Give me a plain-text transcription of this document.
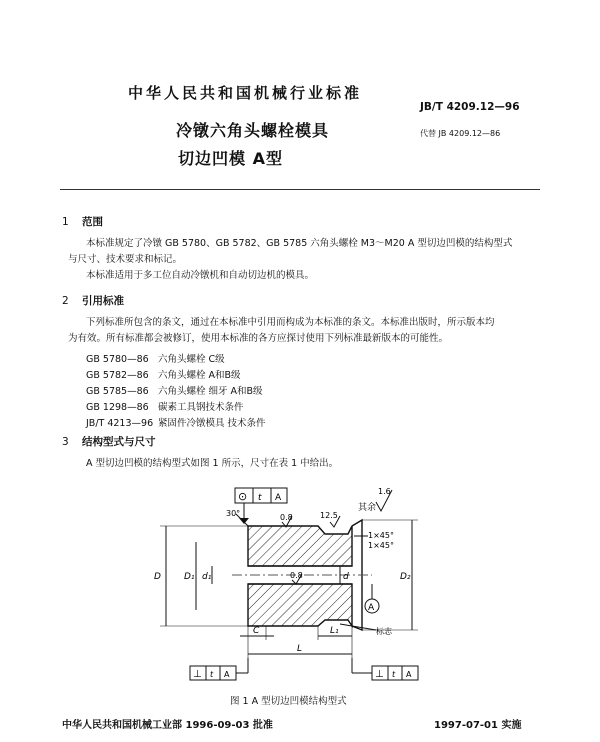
中华人民共和国机械行业标准
JB/T 4209.12—96
代替 JB 4209.12—86
冷镦六角头螺栓模具
切边凹模 A型
1 范围
本标准规定了冷镦 GB 5780、GB 5782、GB 5785 六角头螺栓 M3～M20 A 型切边凹模的结构型式
与尺寸、技术要求和标记。
本标准适用于多工位自动冷镦机和自动切边机的模具。
2 引用标准
下列标准所包含的条文，通过在本标准中引用而构成为本标准的条文。本标准出版时，所示版本均
为有效。所有标准都会被修订，使用本标准的各方应探讨使用下列标准最新版本的可能性。
GB 5780—86 六角头螺栓 C级
GB 5782—86 六角头螺栓 A和B级
GB 5785—86 六角头螺栓 细牙 A和B级
GB 1298—86 碳素工具钢技术条件
JB/T 4213—96 紧固件冷镦模具 技术条件
3 结构型式与尺寸
A 型切边凹模的结构型式如图 1 所示，尺寸在表 1 中给出。
⊙ t A
其余
1.6
30°	0.8	12.5
0.8
1×45°
1×45°
D	D₁ d₁	d	D₂
A
标志
C	L₁
L
⊥ t A	⊥ t A
图 1 A 型切边凹模结构型式
中华人民共和国机械工业部 1996-09-03 批准	1997-07-01 实施
